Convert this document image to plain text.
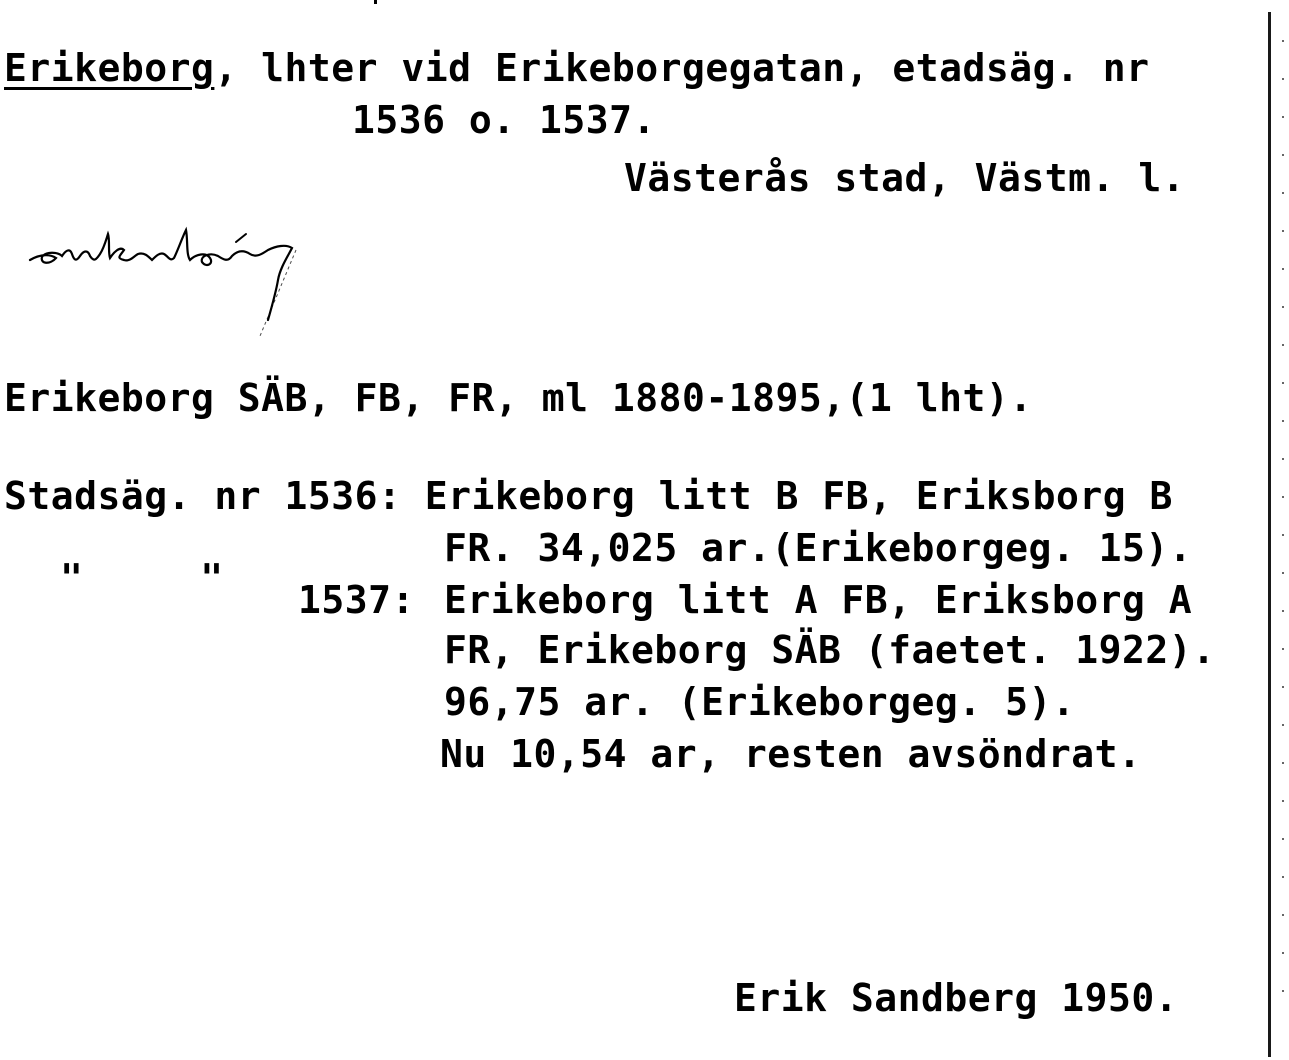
Erikeborg, lhter vid Erikeborgegatan, etadsäg. nr
1536 o. 1537.
Västerås stad, Västm. l.
Erikeborg SÄB, FB, FR, ml 1880-1895,(1 lht).
Stadsäg. nr 1536: Erikeborg litt B FB, Eriksborg B
FR. 34,025 ar.(Erikeborgeg. 15).
"     " 1537: Erikeborg litt A FB, Eriksborg A
FR, Erikeborg SÄB (faetet. 1922).
96,75 ar. (Erikeborgeg. 5).
Nu 10,54 ar, resten avsöndrat.
Erik Sandberg 1950.
